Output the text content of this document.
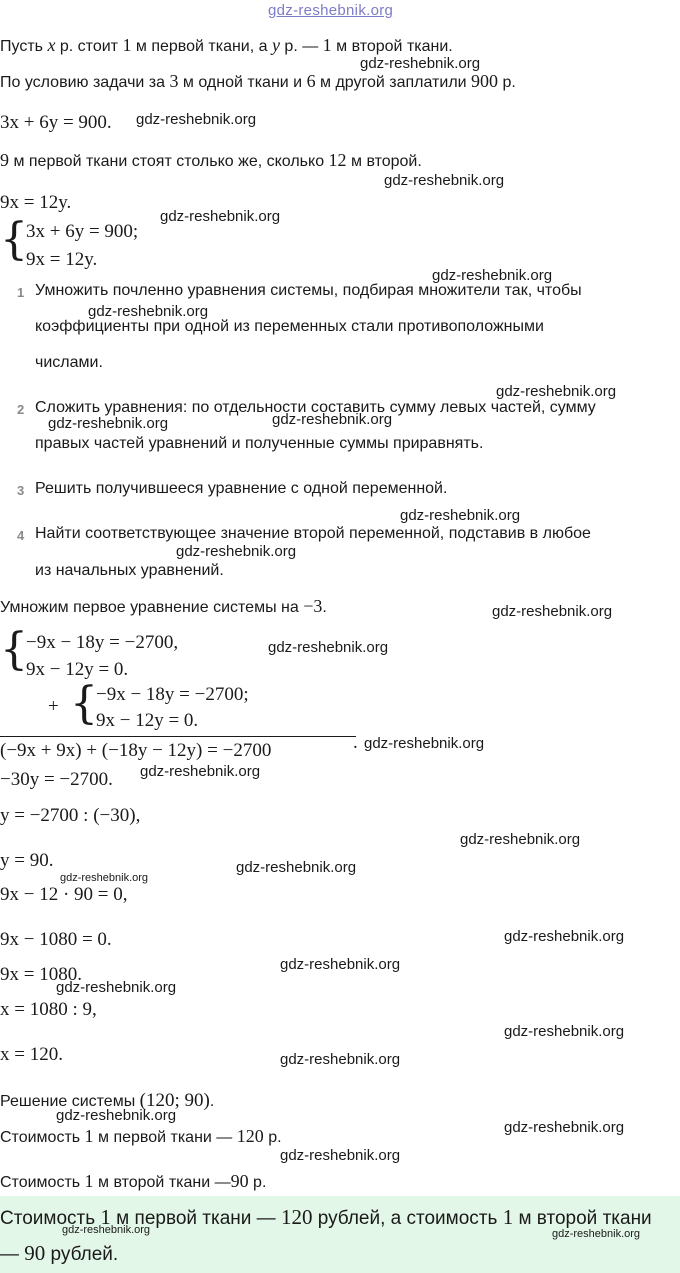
gdz-reshebnik.org
Пусть x р. стоит 1 м первой ткани, а y р. — 1 м второй ткани.
gdz-reshebnik.org
По условию задачи за 3 м одной ткани и 6 м другой заплатили 900 р.
3x + 6y = 900. gdz-reshebnik.org
9 м первой ткани стоят столько же, сколько 12 м второй.
gdz-reshebnik.org
9x = 12y.
gdz-reshebnik.org
{
3x + 6y = 900;
9x = 12y.
gdz-reshebnik.org
1 Умножить почленно уравнения системы, подбирая множители так, чтобы
gdz-reshebnik.org
коэффициенты при одной из переменных стали противоположными
числами.
gdz-reshebnik.org
2 Сложить уравнения: по отдельности составить сумму левых частей, сумму
gdz-reshebnik.org	gdz-reshebnik.org
правых частей уравнений и полученные суммы приравнять.
3 Решить получившееся уравнение с одной переменной.
gdz-reshebnik.org
4 Найти соответствующее значение второй переменной, подставив в любое
gdz-reshebnik.org
из начальных уравнений.
Умножим первое уравнение системы на −3.	gdz-reshebnik.org
{
−9x − 18y = −2700,
9x − 12y = 0.
gdz-reshebnik.org
+ {
−9x − 18y = −2700;
9x − 12y = 0.
(−9x + 9x) + (−18y − 12y) = −2700	. gdz-reshebnik.org
−30y = −2700. gdz-reshebnik.org
y = −2700 : (−30),
gdz-reshebnik.org
y = 90.	gdz-reshebnik.org
gdz-reshebnik.org
9x − 12 · 90 = 0,
9x − 1080 = 0.	gdz-reshebnik.org
gdz-reshebnik.org
9x = 1080.
gdz-reshebnik.org
x = 1080 : 9,
gdz-reshebnik.org
x = 120.	gdz-reshebnik.org
Решение системы (120; 90).
gdz-reshebnik.org
Стоимость 1 м первой ткани — 120 р.
gdz-reshebnik.org
gdz-reshebnik.org
Стоимость 1 м второй ткани —90 р.
Стоимость 1 м первой ткани — 120 рублей, а стоимость 1 м второй ткани
gdz-reshebnik.org
— 90 рублей.
gdz-reshebnik.org
